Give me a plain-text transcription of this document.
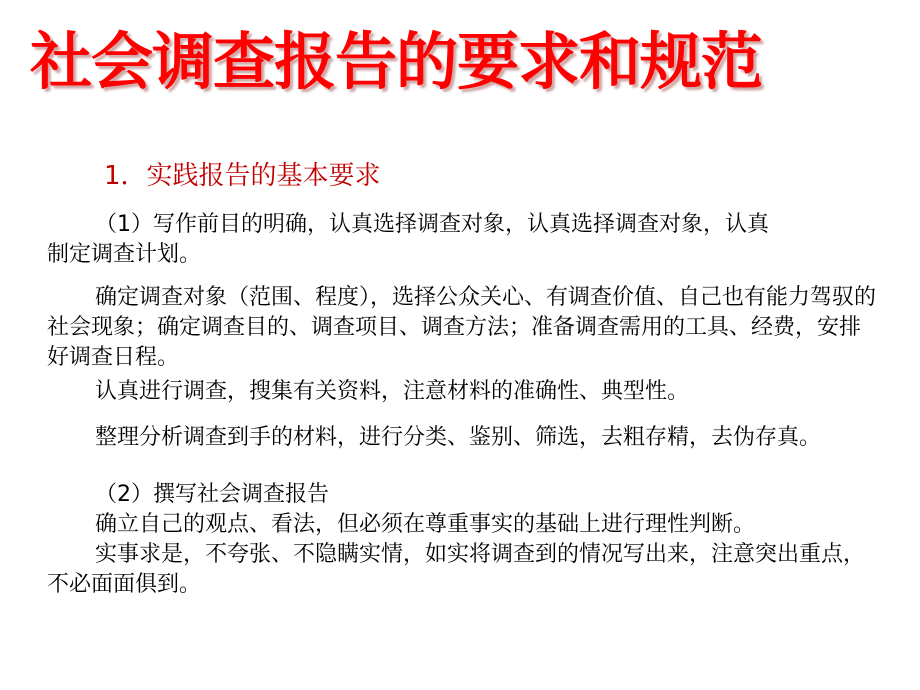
社会调查报告的要求和规范
1．实践报告的基本要求

（1）写作前目的明确，认真选择调查对象，认真选择调查对象，认真

制定调查计划。

确定调查对象（范围、程度），选择公众关心、有调查价值、自己也有能力驾驭的社会现象；确定调查目的、调查项目、调查方法；准备调查需用的工具、经费，安排好调查日程。

认真进行调查，搜集有关资料，注意材料的准确性、典型性。

整理分析调查到手的材料，进行分类、鉴别、筛选，去粗存精，去伪存真。

（2）撰写社会调查报告

确立自己的观点、看法，但必须在尊重事实的基础上进行理性判断。

实事求是，不夸张、不隐瞒实情，如实将调查到的情况写出来，注意突出重点，不必面面俱到。
